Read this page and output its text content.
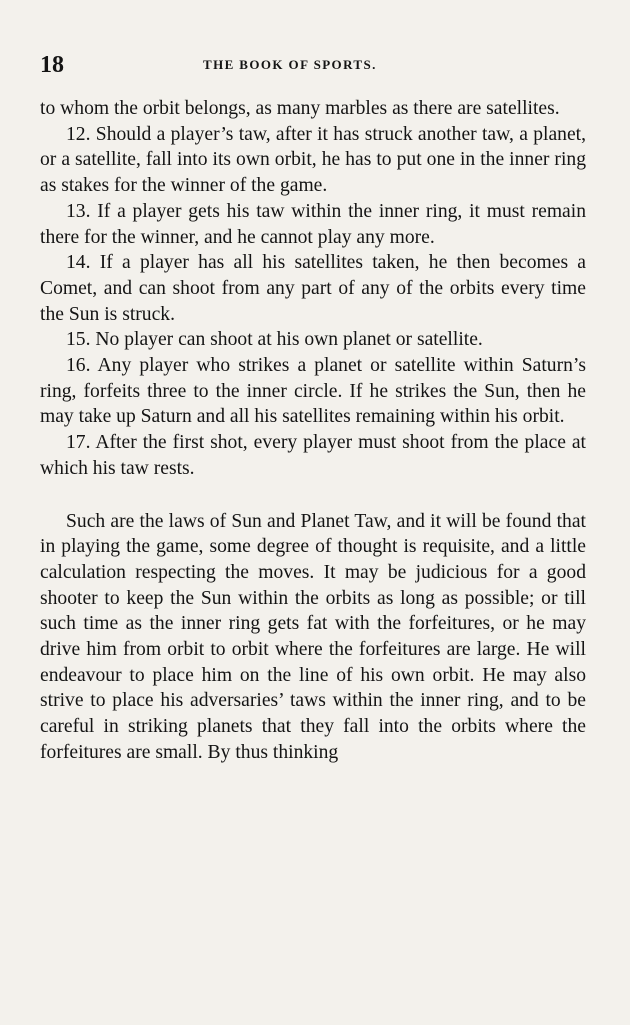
18	THE BOOK OF SPORTS.

to whom the orbit belongs, as many marbles as there are satellites.

12. Should a player’s taw, after it has struck another taw, a planet, or a satellite, fall into its own orbit, he has to put one in the inner ring as stakes for the winner of the game.

13. If a player gets his taw within the inner ring, it must remain there for the winner, and he cannot play any more.

14. If a player has all his satellites taken, he then becomes a Comet, and can shoot from any part of any of the orbits every time the Sun is struck.

15. No player can shoot at his own planet or satellite.

16. Any player who strikes a planet or satellite within Saturn’s ring, forfeits three to the inner circle. If he strikes the Sun, then he may take up Saturn and all his satellites remaining within his orbit.

17. After the first shot, every player must shoot from the place at which his taw rests.

Such are the laws of Sun and Planet Taw, and it will be found that in playing the game, some degree of thought is requisite, and a little calculation respecting the moves. It may be judicious for a good shooter to keep the Sun within the orbits as long as possible; or till such time as the inner ring gets fat with the forfeitures, or he may drive him from orbit to orbit where the forfeitures are large. He will endeavour to place him on the line of his own orbit. He may also strive to place his adversaries’ taws within the inner ring, and to be careful in striking planets that they fall into the orbits where the forfeitures are small. By thus thinking
